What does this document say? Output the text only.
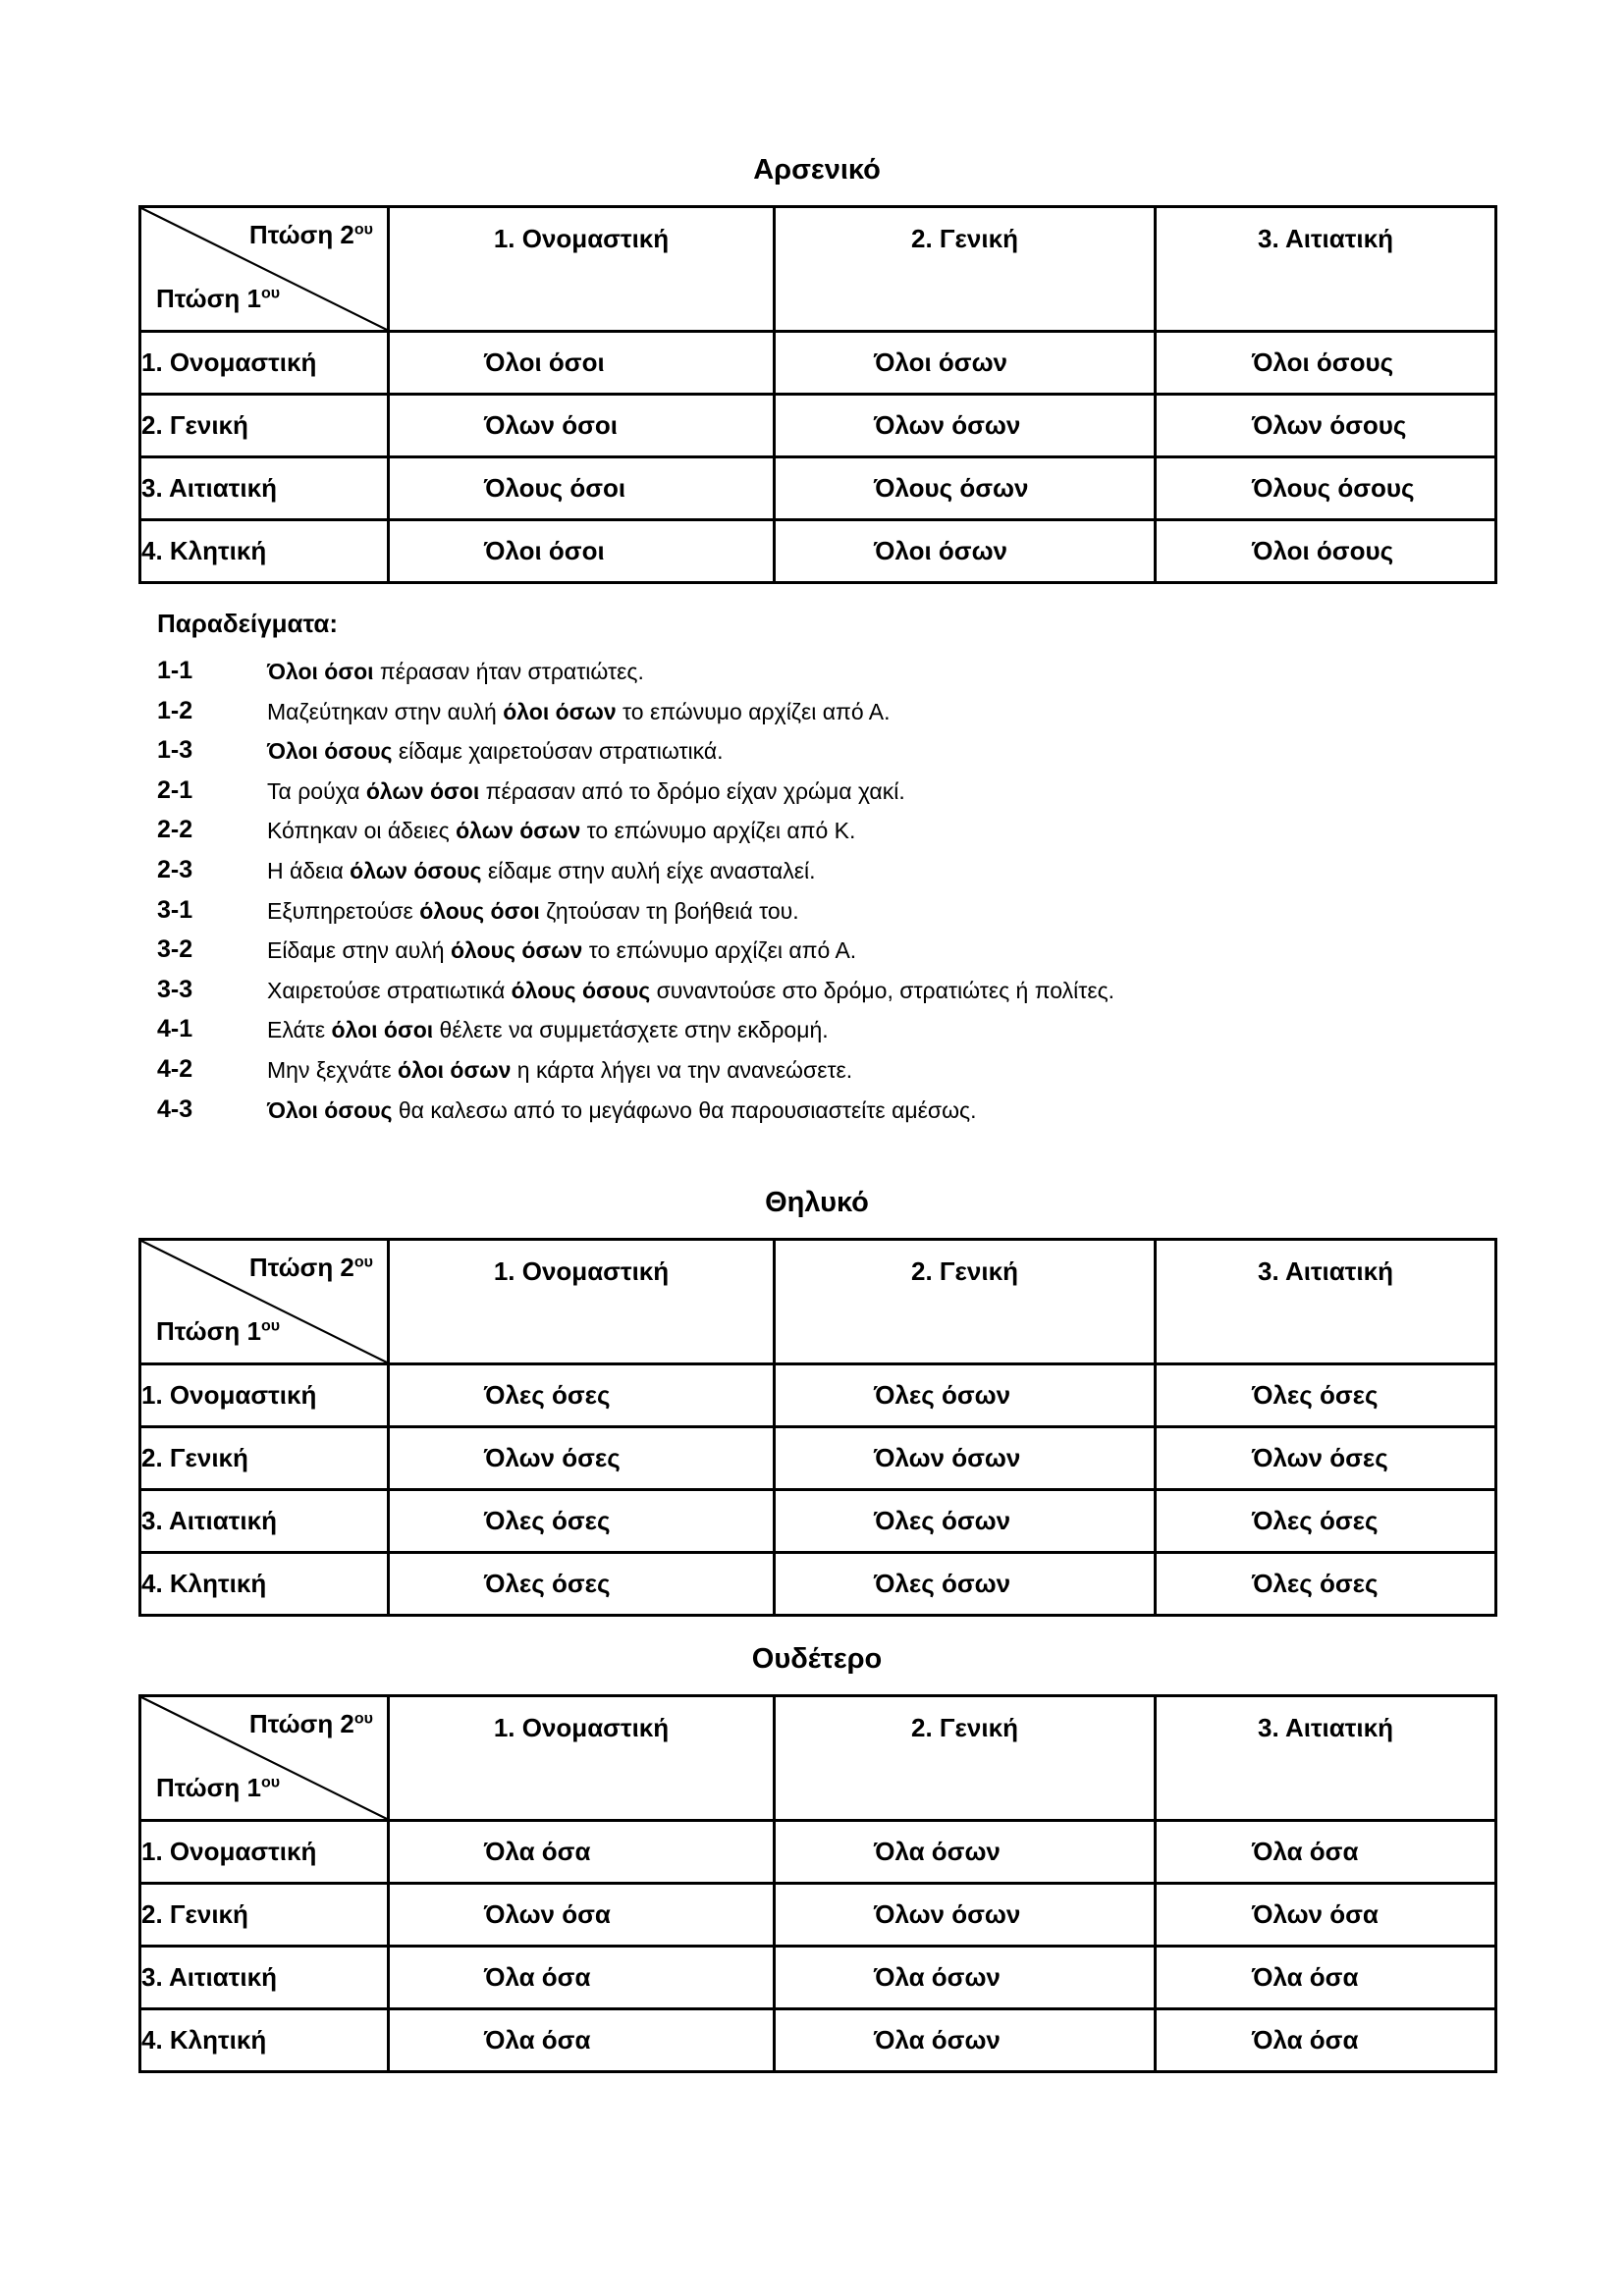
Αρσενικό
Πτώση $2^{o\upsilon}$
Πτώση $1^{o\upsilon}$	1. Ονομαστική	2. Γενική	3. Αιτιατική
1. Ονομαστική	Όλοι όσοι	Όλοι όσων	Όλοι όσους
2. Γενική	Όλων όσοι	Όλων όσων	Όλων όσους
3. Αιτιατική	Όλους όσοι	Όλους όσων	Όλους όσους
4. Κλητική	Όλοι όσοι	Όλοι όσων	Όλοι όσους
Παραδείγματα:
1-1	Όλοι όσοι πέρασαν ήταν στρατιώτες.
1-2	Μαζεύτηκαν στην αυλή όλοι όσων το επώνυμο αρχίζει από Α.
1-3	Όλοι όσους είδαμε χαιρετούσαν στρατιωτικά.
2-1	Τα ρούχα όλων όσοι πέρασαν από το δρόμο είχαν χρώμα χακί.
2-2	Κόπηκαν οι άδειες όλων όσων το επώνυμο αρχίζει από Κ.
2-3	Η άδεια όλων όσους είδαμε στην αυλή είχε ανασταλεί.
3-1	Εξυπηρετούσε όλους όσοι ζητούσαν τη βοήθειά του.
3-2	Είδαμε στην αυλή όλους όσων το επώνυμο αρχίζει από Α.
3-3	Χαιρετούσε στρατιωτικά όλους όσους συναντούσε στο δρόμο, στρατιώτες ή πολίτες.
4-1	Ελάτε όλοι όσοι θέλετε να συμμετάσχετε στην εκδρομή.
4-2	Μην ξεχνάτε όλοι όσων η κάρτα λήγει να την ανανεώσετε.
4-3	Όλοι όσους θα καλεσω από το μεγάφωνο θα παρουσιαστείτε αμέσως.
Θηλυκό
Πτώση $2^{o\upsilon}$
Πτώση $1^{o\upsilon}$	1. Ονομαστική	2. Γενική	3. Αιτιατική
1. Ονομαστική	Όλες όσες	Όλες όσων	Όλες όσες
2. Γενική	Όλων όσες	Όλων όσων	Όλων όσες
3. Αιτιατική	Όλες όσες	Όλες όσων	Όλες όσες
4. Κλητική	Όλες όσες	Όλες όσων	Όλες όσες
Ουδέτερο
Πτώση $2^{o\upsilon}$
Πτώση $1^{o\upsilon}$	1. Ονομαστική	2. Γενική	3. Αιτιατική
1. Ονομαστική	Όλα όσα	Όλα όσων	Όλα όσα
2. Γενική	Όλων όσα	Όλων όσων	Όλων όσα
3. Αιτιατική	Όλα όσα	Όλα όσων	Όλα όσα
4. Κλητική	Όλα όσα	Όλα όσων	Όλα όσα
